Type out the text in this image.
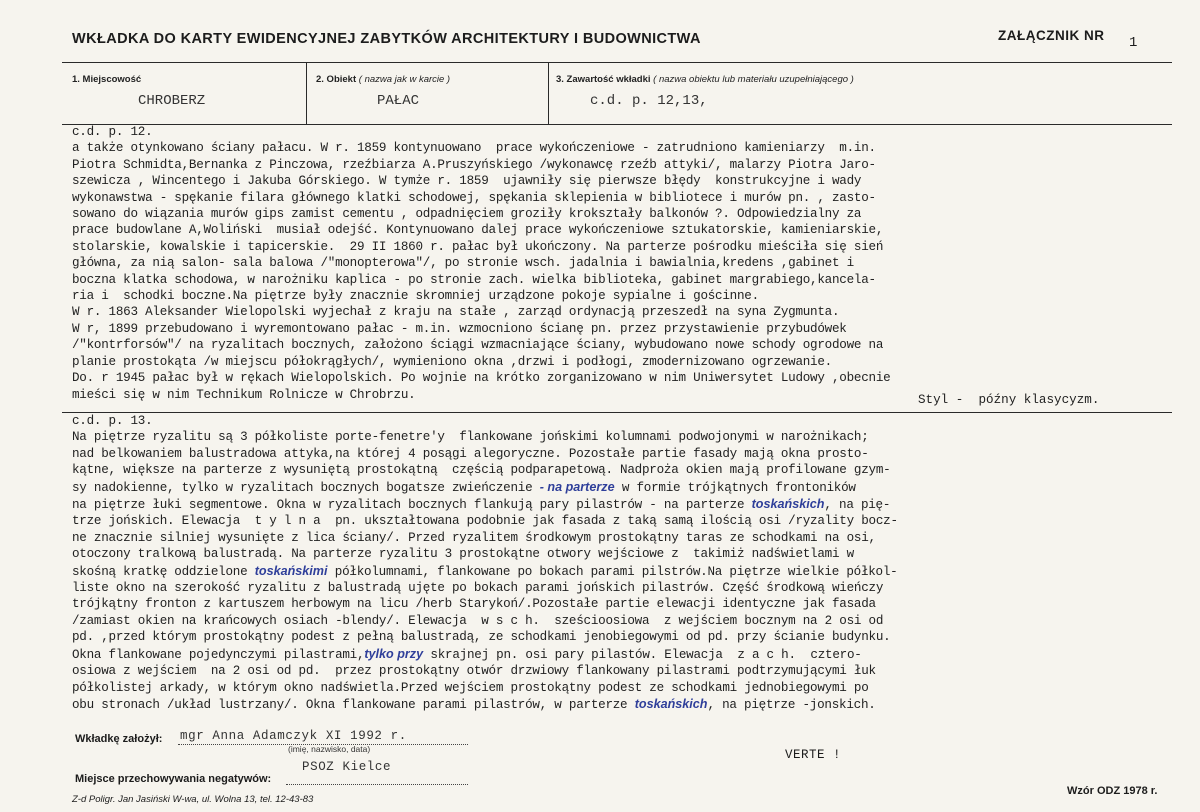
WKŁADKA DO KARTY EWIDENCYJNEJ ZABYTKÓW ARCHITEKTURY I BUDOWNICTWA	ZAŁĄCZNIK NR 1
1. Miejscowość
CHROBERZ
2. Obiekt ( nazwa jak w karcie )
PAŁAC
3. Zawartość wkładki ( nazwa obiektu lub materiału uzupełniającego )
c.d. p. 12,13,
c.d. p. 12.
a także otynkowano ściany pałacu. W r. 1859 kontynuowano  prace wykończeniowe - zatrudniono kamieniarzy  m.in.
Piotra Schmidta,Bernanka z Pinczowa, rzeźbiarza A.Pruszyńskiego /wykonawcę rzeźb attyki/, malarzy Piotra Jaro-
szewicza , Wincentego i Jakuba Górskiego. W tymże r. 1859  ujawniły się pierwsze błędy  konstrukcyjne i wady
wykonawstwa - spękanie filara głównego klatki schodowej, spękania sklepienia w bibliotece i murów pn. , zasto-
sowano do wiązania murów gips zamist cementu , odpadnięciem groziły krokształy balkonów ?. Odpowiedzialny za
prace budowlane A,Woliński  musiał odejść. Kontynuowano dalej prace wykończeniowe sztukatorskie, kamieniarskie,
stolarskie, kowalskie i tapicerskie.  29 II 1860 r. pałac był ukończony. Na parterze pośrodku mieściła się sień
główna, za nią salon- sala balowa /"monopterowa"/, po stronie wsch. jadalnia i bawialnia,kredens ,gabinet i
boczna klatka schodowa, w narożniku kaplica - po stronie zach. wielka biblioteka, gabinet margrabiego,kancela-
ria i  schodki boczne.Na piętrze były znacznie skromniej urządzone pokoje sypialne i gościnne.
W r. 1863 Aleksander Wielopolski wyjechał z kraju na stałe , zarząd ordynacją przeszedł na syna Zygmunta.
W r, 1899 przebudowano i wyremontowano pałac - m.in. wzmocniono ścianę pn. przez przystawienie przybudówek
/"kontrforsów"/ na ryzalitach bocznych, założono ściągi wzmacniające ściany, wybudowano nowe schody ogrodowe na
planie prostokąta /w miejscu półokrągłych/, wymieniono okna ,drzwi i podłogi, zmodernizowano ogrzewanie.
Do. r 1945 pałac był w rękach Wielopolskich. Po wojnie na krótko zorganizowano w nim Uniwersytet Ludowy ,obecnie
mieści się w nim Technikum Rolnicze w Chrobrzu.	Styl -  późny klasycyzm.
c.d. p. 13.
Na piętrze ryzalitu są 3 półkoliste porte-fenetre'y  flankowane jońskimi kolumnami podwojonymi w narożnikach;
nad belkowaniem balustradowa attyka,na której 4 posągi alegoryczne. Pozostałe partie fasady mają okna prosto-
kątne, większe na parterze z wysuniętą prostokątną  częścią podparapetową. Nadproża okien mają profilowane gzym-
sy nadokienne, tylko w ryzalitach bocznych bogatsze zwieńczenie - na parterze w formie trójkątnych frontoników
na piętrze łuki segmentowe. Okna w ryzalitach bocznych flankują pary pilastrów - na parterze toskańskich, na pię-
trze jońskich. Elewacja  t y l n a  pn. ukształtowana podobnie jak fasada z taką samą ilością osi /ryzality bocz-
ne znacznie silniej wysunięte z lica ściany/. Przed ryzalitem środkowym prostokątny taras ze schodkami na osi,
otoczony tralkową balustradą. Na parterze ryzalitu 3 prostokątne otwory wejściowe z  takimiż nadświetlami w
skośną kratkę oddzielone toskańskimi półkolumnami, flankowane po bokach parami pilstrów.Na piętrze wielkie półkol-
liste okno na szerokość ryzalitu z balustradą ujęte po bokach parami jońskich pilastrów. Część środkową wieńczy
trójkątny fronton z kartuszem herbowym na licu /herb Starykoń/.Pozostałe partie elewacji identyczne jak fasada
/zamiast okien na krańcowych osiach -blendy/. Elewacja  w s c h.  sześcioosiowa  z wejściem bocznym na 2 osi od
pd. ,przed którym prostokątny podest z pełną balustradą, ze schodkami jenobiegowymi od pd. przy ścianie budynku.
Okna flankowane pojedynczymi pilastrami,tylko przy skrajnej pn. osi pary pilastów. Elewacja  z a c h.  cztero-
osiowa z wejściem  na 2 osi od pd.  przez prostokątny otwór drzwiowy flankowany pilastrami podtrzymującymi łuk
półkolistej arkady, w którym okno nadświetla.Przed wejściem prostokątny podest ze schodkami jednobiegowymi po
obu stronach /układ lustrzany/. Okna flankowane parami pilastrów, w parterze toskańskich, na piętrze -jonskich.
Wkładkę założył: mgr Anna Adamczyk XI 1992 r.
(imię, nazwisko, data)	VERTE !
Miejsce przechowywania negatywów:
PSOZ Kielce
Z-d Poligr. Jan Jasiński W-wa, ul. Wolna 13, tel. 12-43-83
Wzór ODZ 1978 r.
